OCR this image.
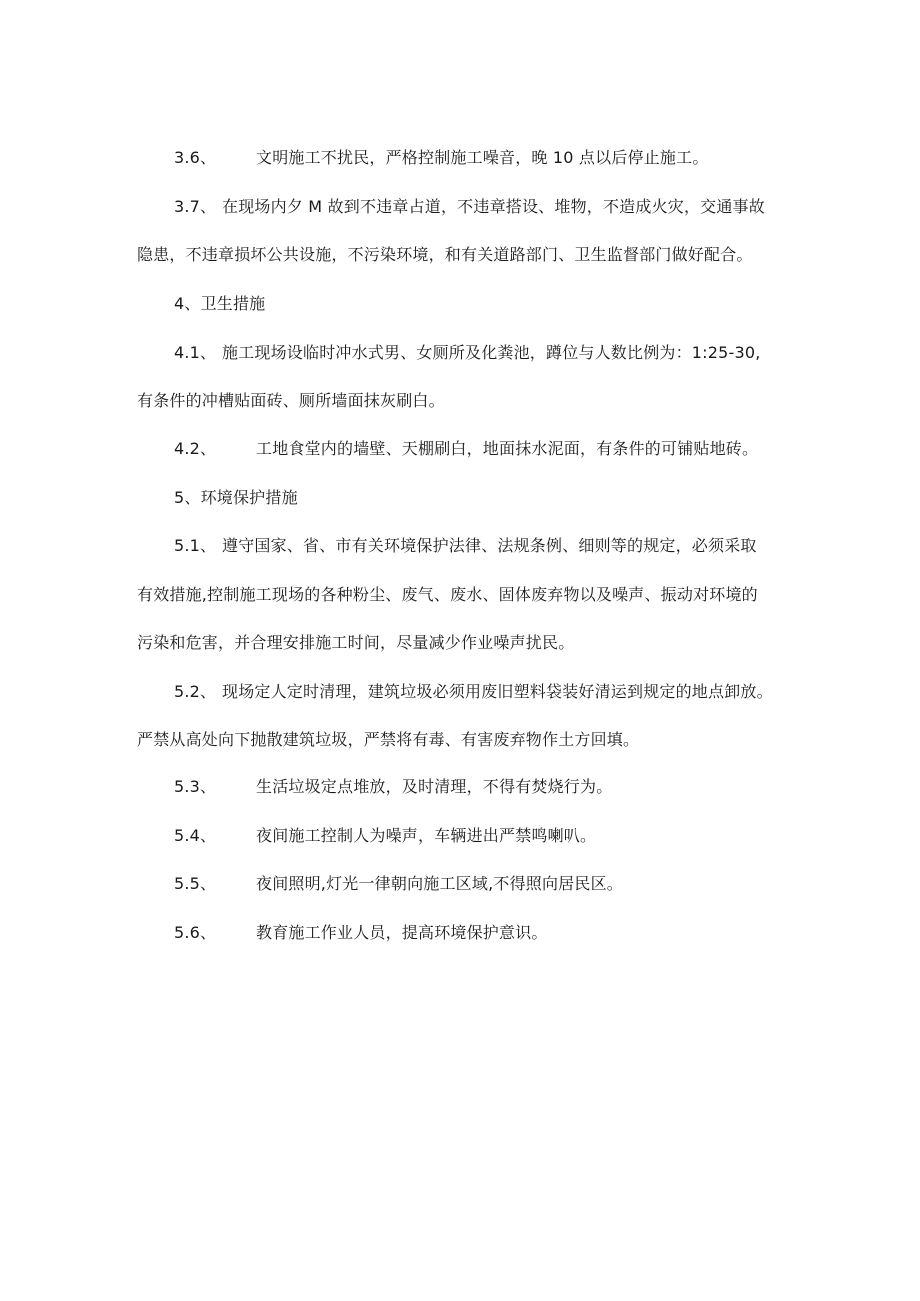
3.6、 文明施工不扰民，严格控制施工噪音，晚 10 点以后停止施工。
3.7、 在现场内夕 M 故到不违章占道，不违章搭设、堆物，不造成火灾，交通事故
隐患，不违章损坏公共设施，不污染环境，和有关道路部门、卫生监督部门做好配合。
4、卫生措施
4.1、 施工现场设临时冲水式男、女厕所及化粪池，蹲位与人数比例为：1:25-30,
有条件的冲槽贴面砖、厕所墙面抹灰刷白。
4.2、 工地食堂内的墙壁、天棚刷白，地面抹水泥面，有条件的可铺贴地砖。
5、环境保护措施
5.1、 遵守国家、省、市有关环境保护法律、法规条例、细则等的规定，必须采取
有效措施,控制施工现场的各种粉尘、废气、废水、固体废弃物以及噪声、振动对环境的
污染和危害，并合理安排施工时间，尽量减少作业噪声扰民。
5.2、 现场定人定时清理，建筑垃圾必须用废旧塑料袋装好清运到规定的地点卸放。
严禁从高处向下抛散建筑垃圾，严禁将有毒、有害废弃物作土方回填。
5.3、 生活垃圾定点堆放，及时清理，不得有焚烧行为。
5.4、 夜间施工控制人为噪声，车辆进出严禁鸣喇叭。
5.5、 夜间照明,灯光一律朝向施工区域,不得照向居民区。
5.6、 教育施工作业人员，提高环境保护意识。
